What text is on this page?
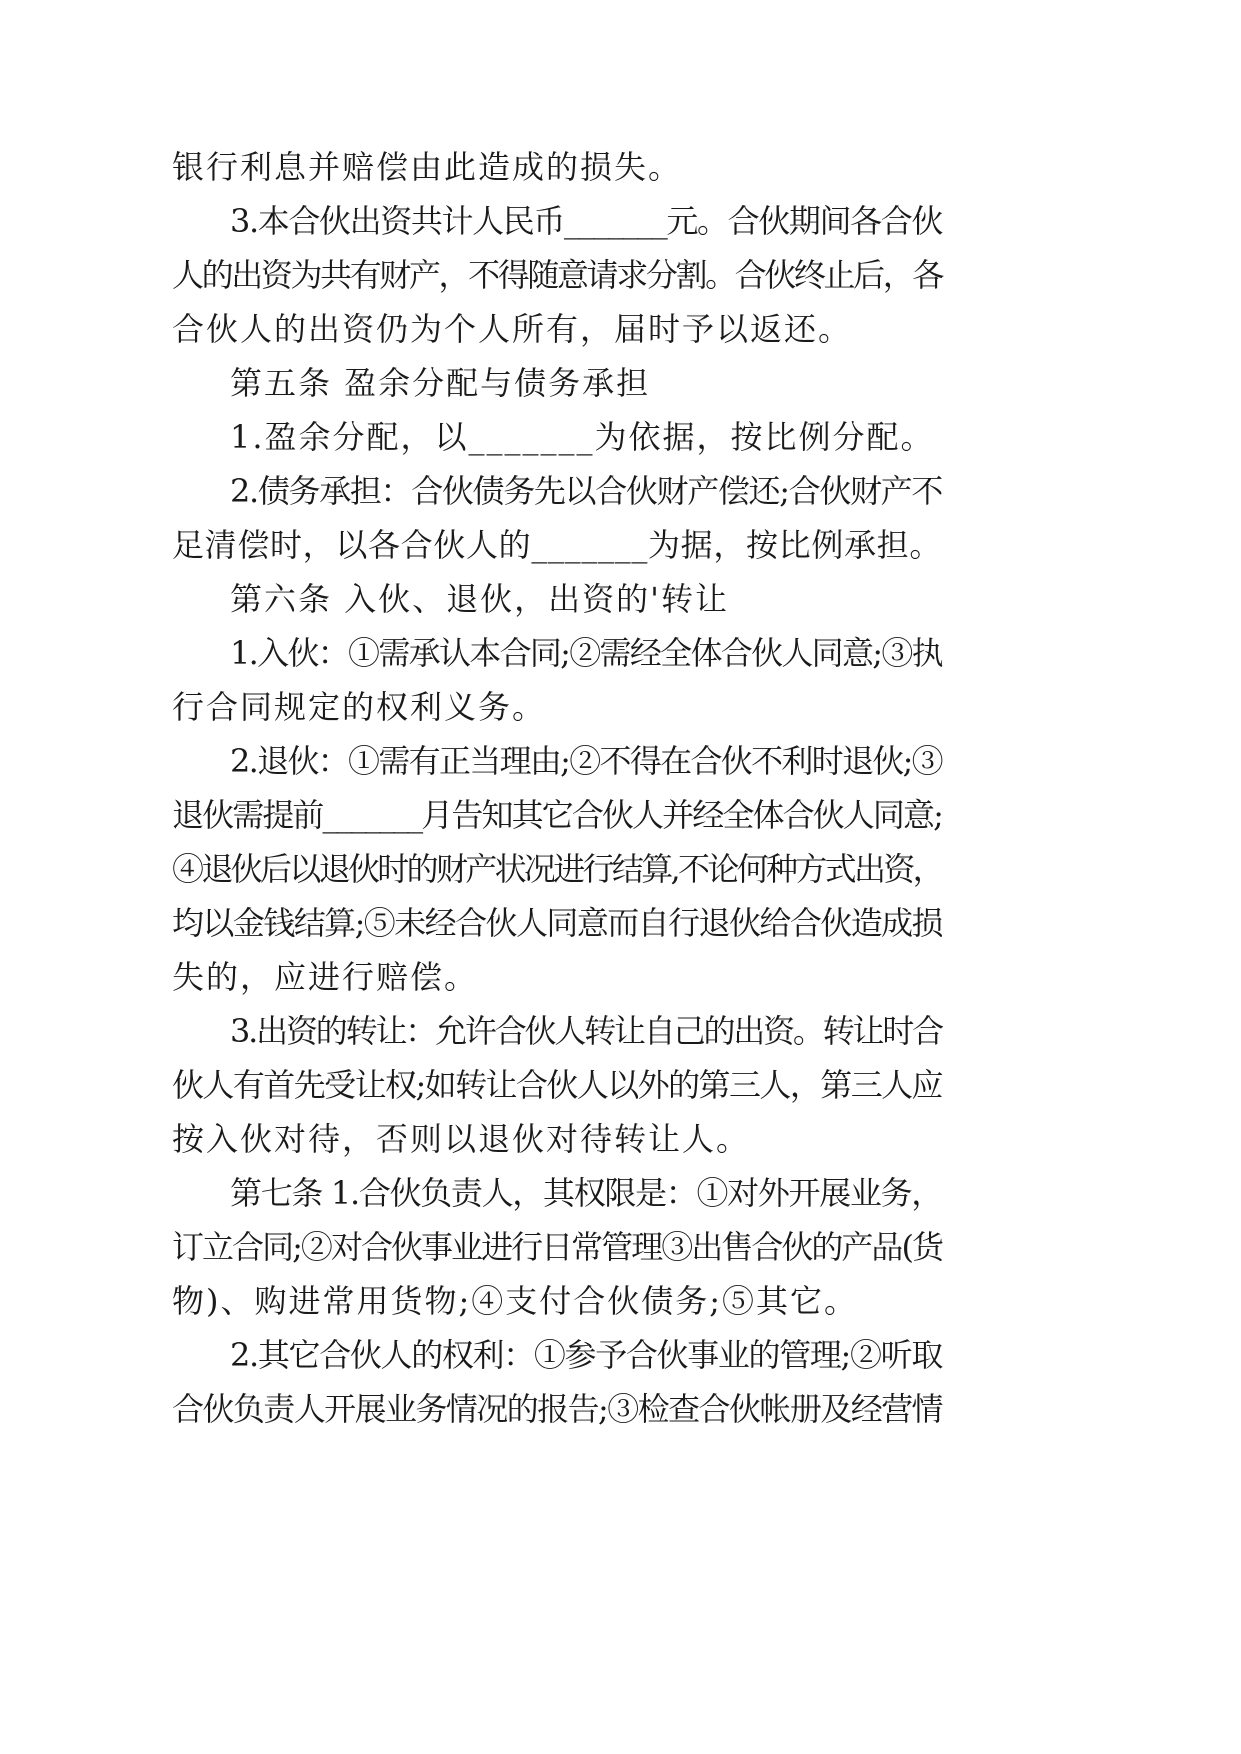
银行利息并赔偿由此造成的损失。
3.本合伙出资共计人民币_______元。合伙期间各合伙
人的出资为共有财产，不得随意请求分割。合伙终止后，各
合伙人的出资仍为个人所有，届时予以返还。
第五条 盈余分配与债务承担
1.盈余分配，以_______为依据，按比例分配。
2.债务承担：合伙债务先以合伙财产偿还;合伙财产不
足清偿时，以各合伙人的_______为据，按比例承担。
第六条 入伙、退伙，出资的'转让
1.入伙：①需承认本合同;②需经全体合伙人同意;③执
行合同规定的权利义务。
2.退伙：①需有正当理由;②不得在合伙不利时退伙;③
退伙需提前_______月告知其它合伙人并经全体合伙人同意;
④退伙后以退伙时的财产状况进行结算,不论何种方式出资，
均以金钱结算;⑤未经合伙人同意而自行退伙给合伙造成损
失的，应进行赔偿。
3.出资的转让：允许合伙人转让自己的出资。转让时合
伙人有首先受让权;如转让合伙人以外的第三人，第三人应
按入伙对待，否则以退伙对待转让人。
第七条 1.合伙负责人，其权限是：①对外开展业务，
订立合同;②对合伙事业进行日常管理③出售合伙的产品(货
物)、购进常用货物;④支付合伙债务;⑤其它。
2.其它合伙人的权利：①参予合伙事业的管理;②听取
合伙负责人开展业务情况的报告;③检查合伙帐册及经营情
